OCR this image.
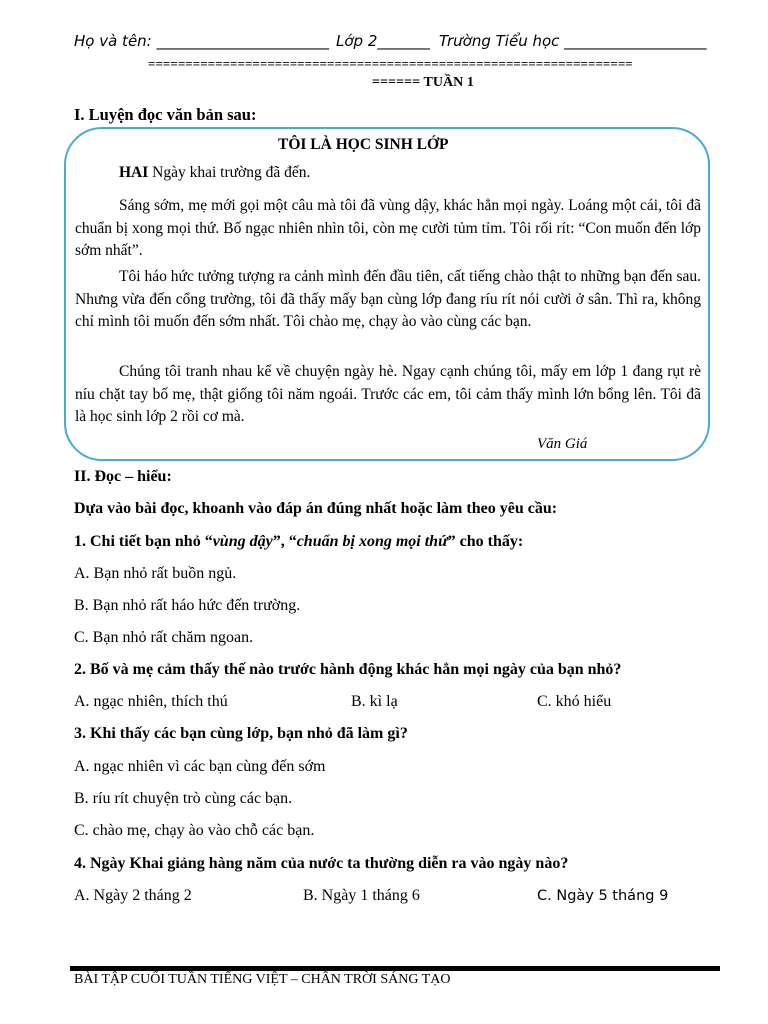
Họ và tên: _______________________ Lớp 2_______ Trường Tiểu học ___________________
=================================================================
====== TUẦN 1
I. Luyện đọc văn bản sau:
TÔI LÀ HỌC SINH LỚP
HAI Ngày khai trường đã đến.
Sáng sớm, mẹ mới gọi một câu mà tôi đã vùng dậy, khác hẳn mọi ngày. Loáng một cái, tôi đã chuẩn bị xong mọi thứ. Bố ngạc nhiên nhìn tôi, còn mẹ cười tủm tỉm. Tôi rối rít: “Con muốn đến lớp sớm nhất”.
Tôi háo hức tưởng tượng ra cảnh mình đến đầu tiên, cất tiếng chào thật to những bạn đến sau. Nhưng vừa đến cổng trường, tôi đã thấy mấy bạn cùng lớp đang ríu rít nói cười ở sân. Thì ra, không chỉ mình tôi muốn đến sớm nhất. Tôi chào mẹ, chạy ào vào cùng các bạn.
Chúng tôi tranh nhau kể về chuyện ngày hè. Ngay cạnh chúng tôi, mấy em lớp 1 đang rụt rè níu chặt tay bố mẹ, thật giống tôi năm ngoái. Trước các em, tôi cảm thấy mình lớn bổng lên. Tôi đã là học sinh lớp 2 rồi cơ mà.
Văn Giá
II. Đọc – hiểu:
Dựa vào bài đọc, khoanh vào đáp án đúng nhất hoặc làm theo yêu cầu:
1. Chi tiết bạn nhỏ “vùng dậy”, “chuẩn bị xong mọi thứ” cho thấy:
A. Bạn nhỏ rất buồn ngủ.
B. Bạn nhỏ rất háo hức đến trường.
C. Bạn nhỏ rất chăm ngoan.
2. Bố và mẹ cảm thấy thế nào trước hành động khác hẳn mọi ngày của bạn nhỏ?
A. ngạc nhiên, thích thú	B. kì lạ	C. khó hiểu
3. Khi thấy các bạn cùng lớp, bạn nhỏ đã làm gì?
A. ngạc nhiên vì các bạn cùng đến sớm
B. ríu rít chuyện trò cùng các bạn.
C. chào mẹ, chạy ào vào chỗ các bạn.
4. Ngày Khai giảng hàng năm của nước ta thường diễn ra vào ngày nào?
A. Ngày 2 tháng 2	B. Ngày 1 tháng 6	C. Ngày 5 tháng 9
BÀI TẬP CUỐI TUẦN TIẾNG VIỆT – CHÂN TRỜI SÁNG TẠO
